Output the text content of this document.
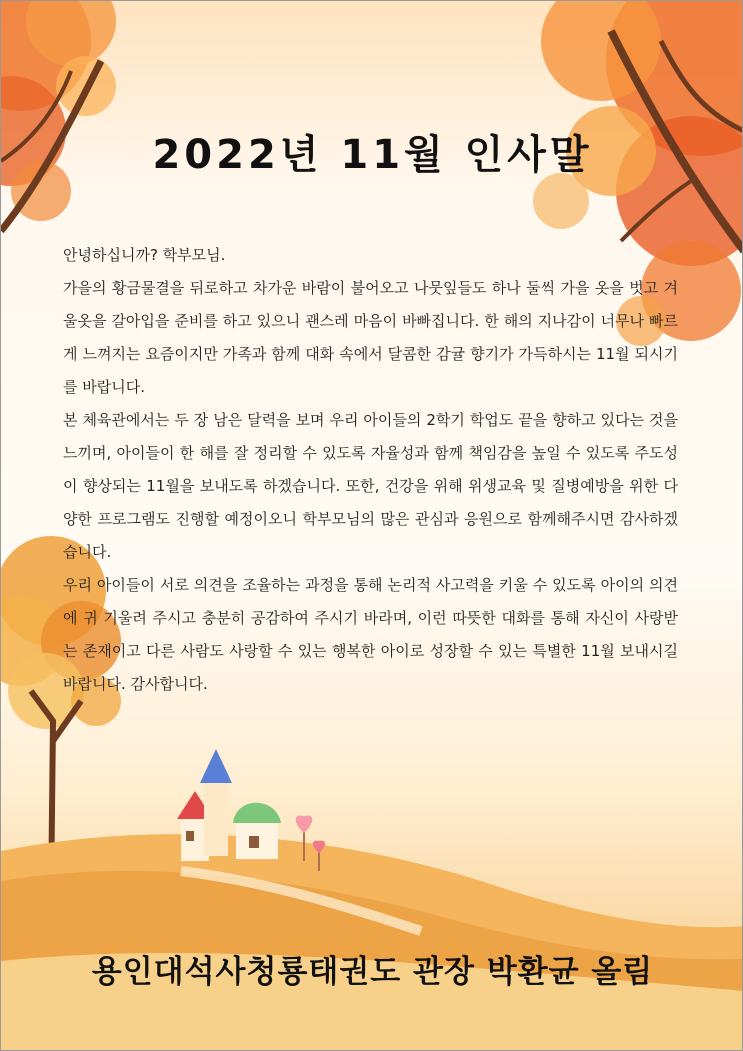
2022년 11월 인사말

안녕하십니까? 학부모님.

가을의 황금물결을 뒤로하고 차가운 바람이 불어오고 나뭇잎들도 하나 둘씩 가을 옷을 벗고 겨울옷을 갈아입을 준비를 하고 있으니 괜스레 마음이 바빠집니다. 한 해의 지나감이 너무나 빠르게 느껴지는 요즘이지만 가족과 함께 대화 속에서 달콤한 감귤 향기가 가득하시는 11월 되시기를 바랍니다.

본 체육관에서는 두 장 남은 달력을 보며 우리 아이들의 2학기 학업도 끝을 향하고 있다는 것을 느끼며, 아이들이 한 해를 잘 정리할 수 있도록 자율성과 함께 책임감을 높일 수 있도록 주도성이 향상되는 11월을 보내도록 하겠습니다. 또한, 건강을 위해 위생교육 및 질병예방을 위한 다양한 프로그램도 진행할 예정이오니 학부모님의 많은 관심과 응원으로 함께해주시면 감사하겠습니다.

우리 아이들이 서로 의견을 조율하는 과정을 통해 논리적 사고력을 키울 수 있도록 아이의 의견에 귀 기울려 주시고 충분히 공감하여 주시기 바라며, 이런 따뜻한 대화를 통해 자신이 사랑받는 존재이고 다른 사람도 사랑할 수 있는 행복한 아이로 성장할 수 있는 특별한 11월 보내시길 바랍니다. 감사합니다.

용인대석사청룡태권도 관장 박환균 올림
